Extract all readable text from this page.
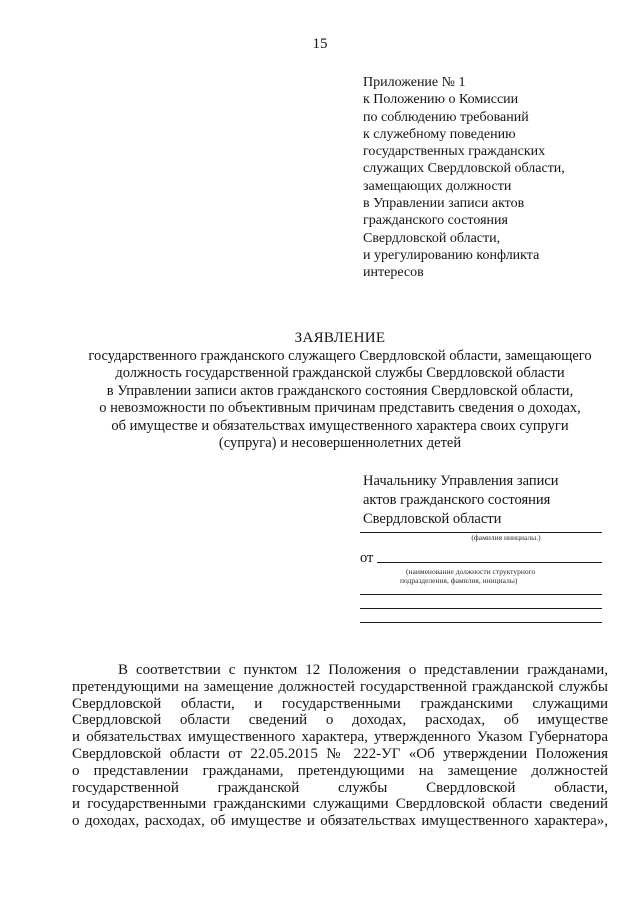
15
Приложение № 1
к Положению о Комиссии
по соблюдению требований
к служебному поведению
государственных гражданских
служащих Свердловской области,
замещающих должности
в Управлении записи актов
гражданского состояния
Свердловской области,
и урегулированию конфликта
интересов
ЗАЯВЛЕНИЕ
государственного гражданского служащего Свердловской области, замещающего
должность государственной гражданской службы Свердловской области
в Управлении записи актов гражданского состояния Свердловской области,
о невозможности по объективным причинам представить сведения о доходах,
об имуществе и обязательствах имущественного характера своих супруги
(супруга) и несовершеннолетних детей
Начальнику Управления записи
актов гражданского состояния
Свердловской области
(фамилия инициалы.)
от
(наименование должности структурного
подразделения, фамилия, инициалы)
В соответствии с пунктом 12 Положения о представлении гражданами,
претендующими на замещение должностей государственной гражданской службы
Свердловской области, и государственными гражданскими служащими
Свердловской области сведений о доходах, расходах, об имуществе
и обязательствах имущественного характера, утвержденного Указом Губернатора
Свердловской области от 22.05.2015 № 222-УГ «Об утверждении Положения
о представлении гражданами, претендующими на замещение должностей
государственной гражданской службы Свердловской области,
и государственными гражданскими служащими Свердловской области сведений
о доходах, расходах, об имуществе и обязательствах имущественного характера»,
